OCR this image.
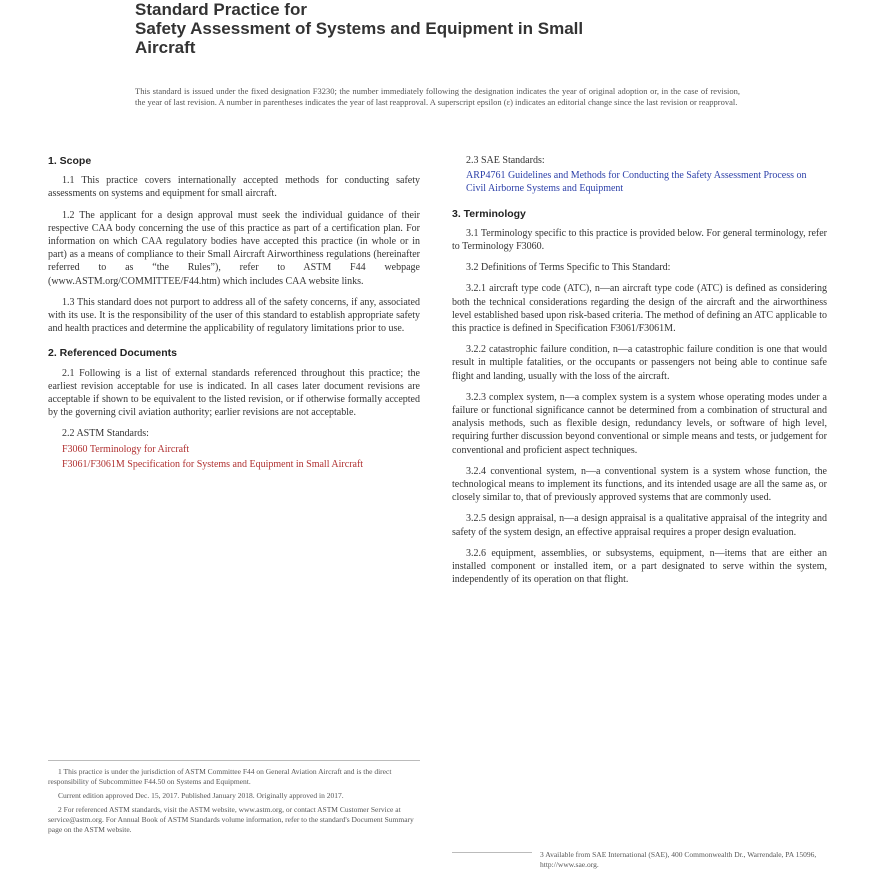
Standard Practice for
Safety Assessment of Systems and Equipment in Small
Aircraft
This standard is issued under the fixed designation F3230; the number immediately following the designation indicates the year of original adoption or, in the case of revision, the year of last revision. A number in parentheses indicates the year of last reapproval. A superscript epsilon (ε) indicates an editorial change since the last revision or reapproval.
1. Scope
1.1 This practice covers internationally accepted methods for conducting safety assessments on systems and equipment for small aircraft.
1.2 The applicant for a design approval must seek the individual guidance of their respective CAA body concerning the use of this practice as part of a certification plan. For information on which CAA regulatory bodies have accepted this practice (in whole or in part) as a means of compliance to their Small Aircraft Airworthiness regulations (hereinafter referred to as “the Rules”), refer to ASTM F44 webpage (www.ASTM.org/COMMITTEE/F44.htm) which includes CAA website links.
1.3 This standard does not purport to address all of the safety concerns, if any, associated with its use. It is the responsibility of the user of this standard to establish appropriate safety and health practices and determine the applicability of regulatory limitations prior to use.
2. Referenced Documents
2.1 Following is a list of external standards referenced throughout this practice; the earliest revision acceptable for use is indicated. In all cases later document revisions are acceptable if shown to be equivalent to the listed revision, or if otherwise formally accepted by the governing civil aviation authority; earlier revisions are not acceptable.
2.2 ASTM Standards:
F3060 Terminology for Aircraft
F3061/F3061M Specification for Systems and Equipment in Small Aircraft
1 This practice is under the jurisdiction of ASTM Committee F44 on General Aviation Aircraft and is the direct responsibility of Subcommittee F44.50 on Systems and Equipment.
Current edition approved Dec. 15, 2017. Published January 2018. Originally approved in 2017.
2 For referenced ASTM standards, visit the ASTM website, www.astm.org, or contact ASTM Customer Service at service@astm.org. For Annual Book of ASTM Standards volume information, refer to the standard's Document Summary page on the ASTM website.
2.3 SAE Standards:
ARP4761 Guidelines and Methods for Conducting the Safety Assessment Process on Civil Airborne Systems and Equipment
3. Terminology
3.1 Terminology specific to this practice is provided below. For general terminology, refer to Terminology F3060.
3.2 Definitions of Terms Specific to This Standard:
3.2.1 aircraft type code (ATC), n—an aircraft type code (ATC) is defined as considering both the technical considerations regarding the design of the aircraft and the airworthiness level established based upon risk-based criteria. The method of defining an ATC applicable to this practice is defined in Specification F3061/F3061M.
3.2.2 catastrophic failure condition, n—a catastrophic failure condition is one that would result in multiple fatalities, or the occupants or passengers not being able to continue safe flight and landing, usually with the loss of the aircraft.
3.2.3 complex system, n—a complex system is a system whose operating modes under a failure or functional significance cannot be determined from a combination of structural and analysis methods, such as flexible design, redundancy levels, or software of high level, requiring further discussion beyond conventional or simple means and tests, or judgement for conventional and proficient aspect techniques.
3.2.4 conventional system, n—a conventional system is a system whose function, the technological means to implement its functions, and its intended usage are all the same as, or closely similar to, that of previously approved systems that are commonly used.
3.2.5 design appraisal, n—a design appraisal is a qualitative appraisal of the integrity and safety of the system design, an effective appraisal requires a proper design evaluation.
3.2.6 equipment, assemblies, or subsystems, equipment, n—items that are either an installed component or installed item, or a part designated to serve within the system, independently of its operation on that flight.
3 Available from SAE International (SAE), 400 Commonwealth Dr., Warrendale, PA 15096, http://www.sae.org.
